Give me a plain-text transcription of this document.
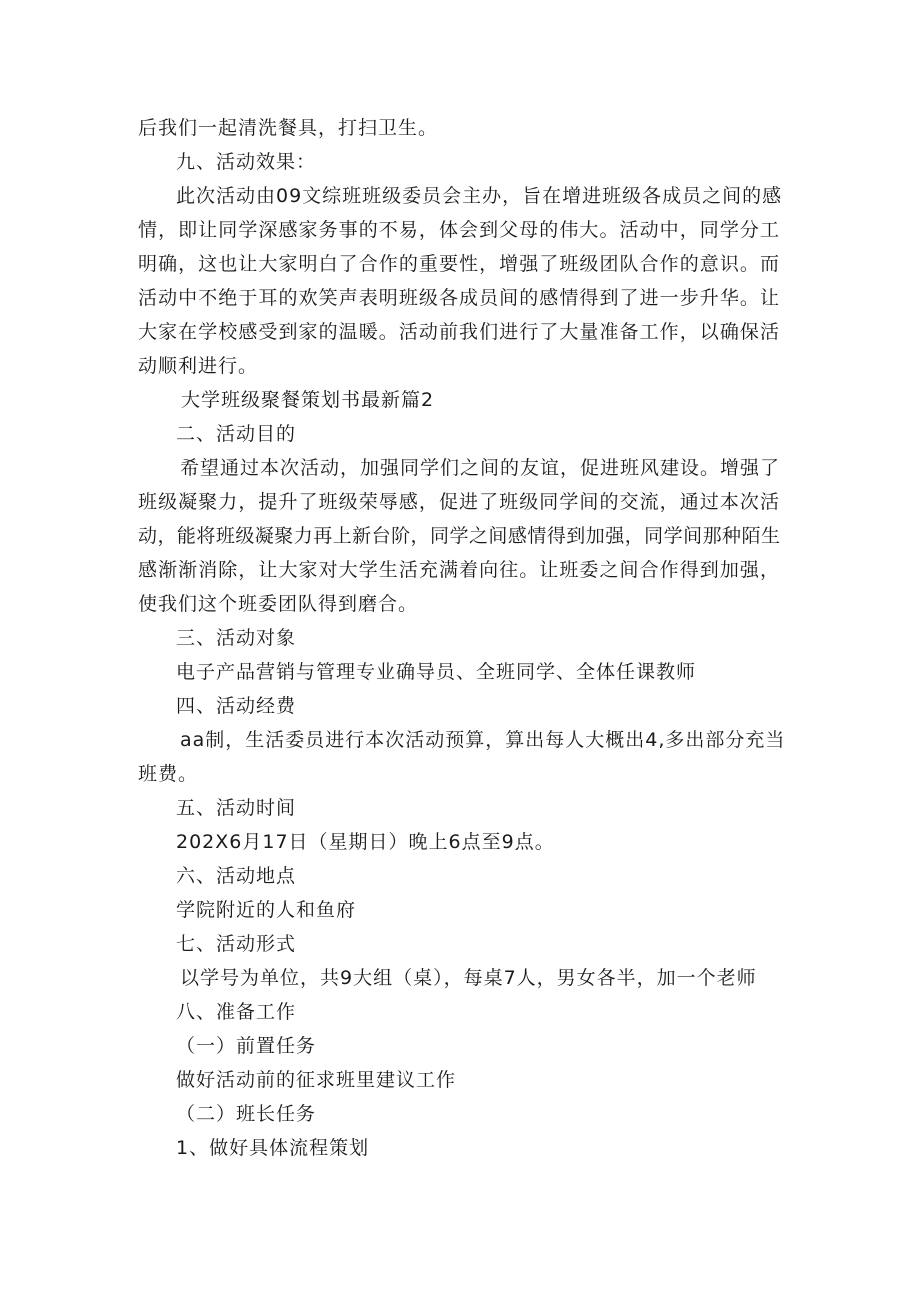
后我们一起清洗餐具，打扫卫生。
九、活动效果：
此次活动由09文综班班级委员会主办，旨在增进班级各成员之间的感
情，即让同学深感家务事的不易，体会到父母的伟大。活动中，同学分工
明确，这也让大家明白了合作的重要性，增强了班级团队合作的意识。而
活动中不绝于耳的欢笑声表明班级各成员间的感情得到了进一步升华。让
大家在学校感受到家的温暖。活动前我们进行了大量准备工作，以确保活
动顺利进行。
大学班级聚餐策划书最新篇2
二、活动目的
希望通过本次活动，加强同学们之间的友谊，促进班风建设。增强了
班级凝聚力，提升了班级荣辱感，促进了班级同学间的交流，通过本次活
动，能将班级凝聚力再上新台阶，同学之间感情得到加强，同学间那种陌生
感渐渐消除，让大家对大学生活充满着向往。让班委之间合作得到加强，
使我们这个班委团队得到磨合。
三、活动对象
电子产品营销与管理专业确导员、全班同学、全体任课教师
四、活动经费
aa制，生活委员进行本次活动预算，算出每人大概出4,多出部分充当
班费。
五、活动时间
202X6月17日（星期日）晚上6点至9点。
六、活动地点
学院附近的人和鱼府
七、活动形式
以学号为单位，共9大组（桌），每桌7人，男女各半，加一个老师
八、准备工作
（一）前置任务
做好活动前的征求班里建议工作
（二）班长任务
1、做好具体流程策划
